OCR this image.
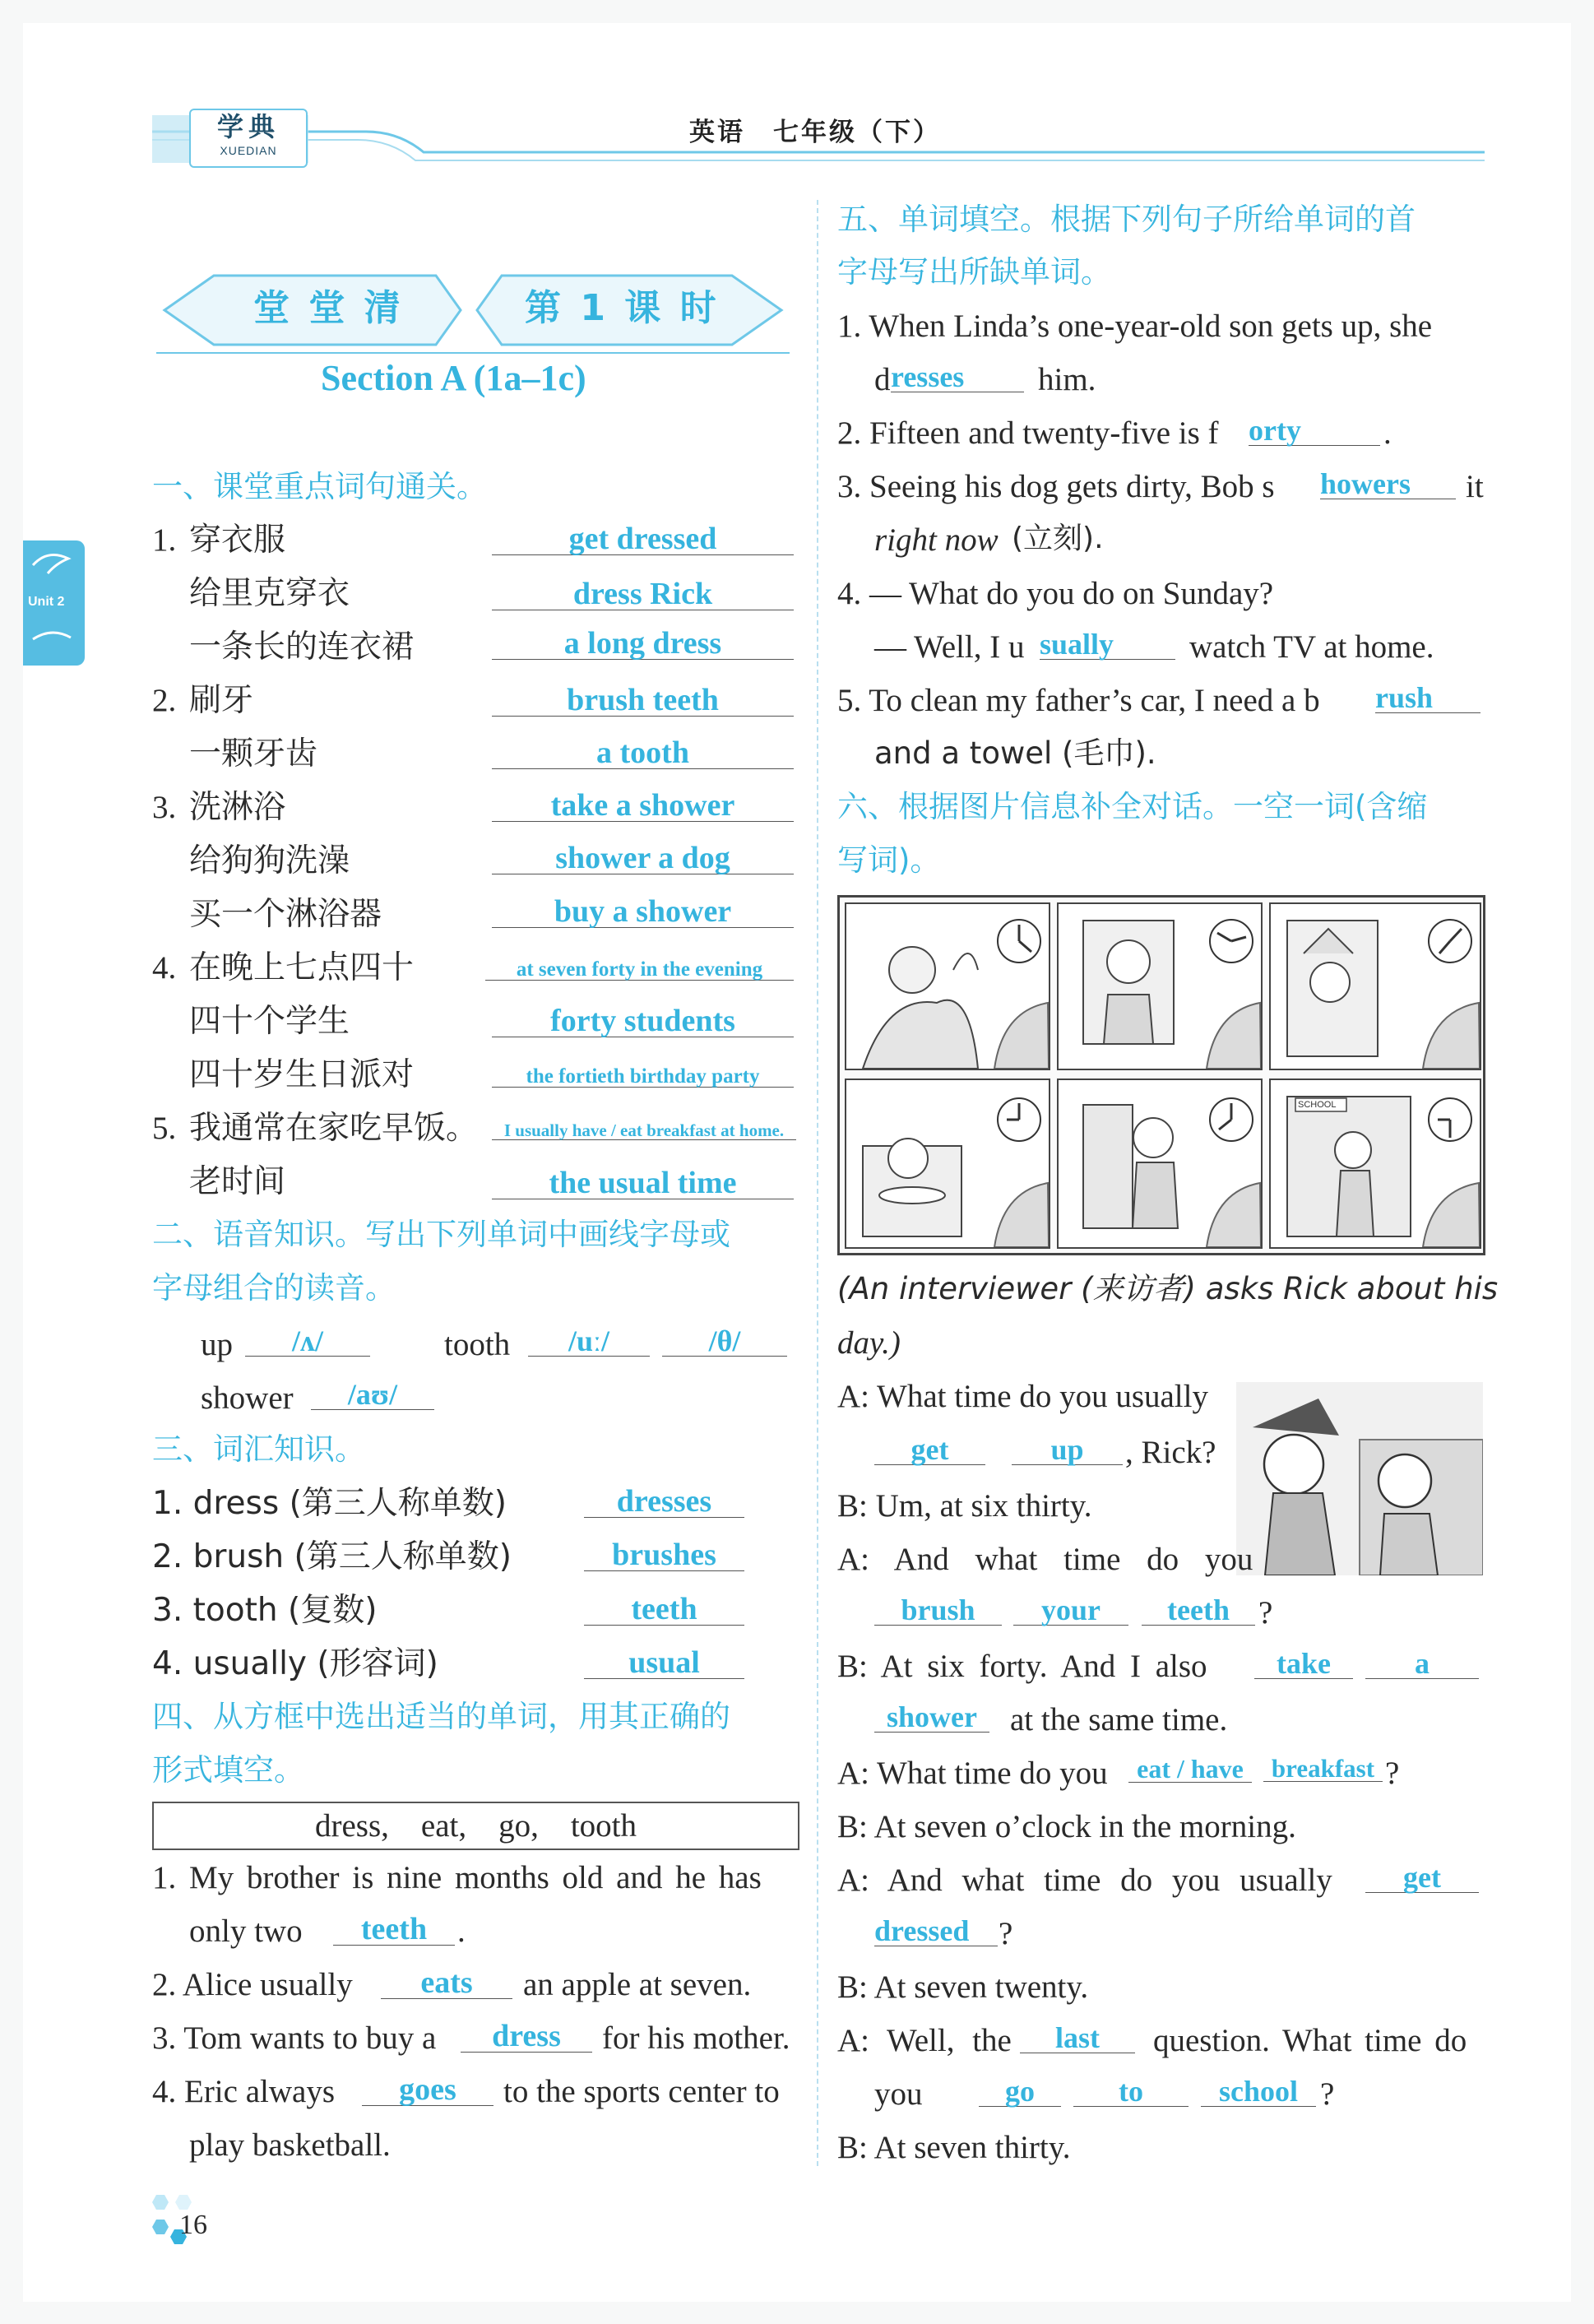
学典
XUEDIAN
英语　七年级（下）
Unit 2
堂 堂 清	第 1 课 时
Section A (1a–1c)
一、课堂重点词句通关。
1. 穿衣服	get dressed
给里克穿衣	dress Rick
一条长的连衣裙	a long dress
2. 刷牙	brush teeth
一颗牙齿	a tooth
3. 洗淋浴	take a shower
给狗狗洗澡	shower a dog
买一个淋浴器	buy a shower
4. 在晚上七点四十	at seven forty in the evening
四十个学生	forty students
四十岁生日派对	the fortieth birthday party
5. 我通常在家吃早饭。	I usually have / eat breakfast at home.
老时间	the usual time
二、语音知识。写出下列单词中画线字母或
字母组合的读音。
up	/ʌ/	tooth	/uː/	/θ/
shower	/aʊ/
三、词汇知识。
1. dress (第三人称单数)	dresses
2. brush (第三人称单数)	brushes
3. tooth (复数)	teeth
4. usually (形容词)	usual
四、从方框中选出适当的单词，用其正确的
形式填空。
dress,　eat,　go,　tooth
1. My brother is nine months old and he has
only two	teeth .
2. Alice usually	eats	an apple at seven.
3. Tom wants to buy a	dress	for his mother.
4. Eric always	goes	to the sports center to
play basketball.
五、单词填空。根据下列句子所给单词的首
字母写出所缺单词。
1. When Linda’s one-year-old son gets up, she
d resses	him.
2. Fifteen and twenty-five is f orty	.
3. Seeing his dog gets dirty, Bob s howers	it
right now (立刻).
4. — What do you do on Sunday?
— Well, I u sually	watch TV at home.
5. To clean my father’s car, I need a b rush
and a towel (毛巾).
六、根据图片信息补全对话。一空一词(含缩
写词)。
SCHOOL
(An interviewer (来访者) asks Rick about his
day.)
A: What time do you usually
get	up	, Rick?
B: Um, at six thirty.
A: And what time do you
brush	your	teeth ?
B: At six forty. And I also	take	a
shower	at the same time.
A: What time do you	eat / have	breakfast ?
B: At seven o’clock in the morning.
A: And what time do you usually	get
dressed ?
B: At seven twenty.
A: Well, the	last	question. What time do
you	go	to	school ?
B: At seven thirty.
16
